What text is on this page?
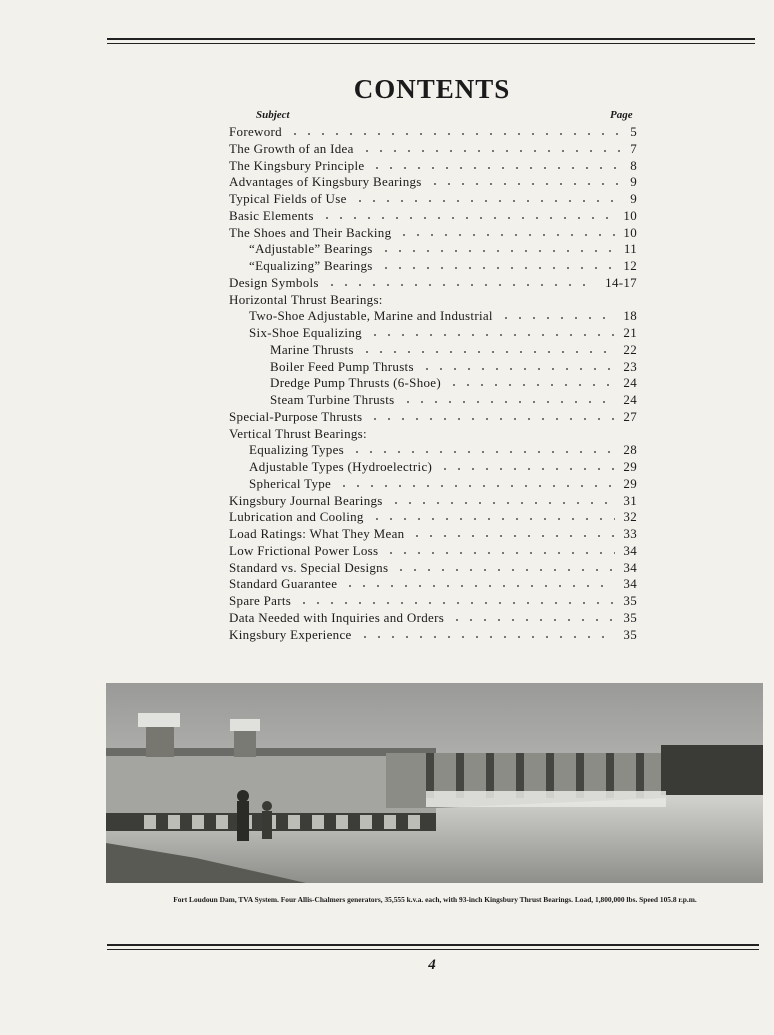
CONTENTS
Subject	Page
Foreword	5
The Growth of an Idea	7
The Kingsbury Principle	8
Advantages of Kingsbury Bearings	9
Typical Fields of Use	9
Basic Elements	10
The Shoes and Their Backing	10
“Adjustable” Bearings	11
“Equalizing” Bearings	12
Design Symbols	14-17
Horizontal Thrust Bearings:
Two-Shoe Adjustable, Marine and Industrial	18
Six-Shoe Equalizing	21
Marine Thrusts	22
Boiler Feed Pump Thrusts	23
Dredge Pump Thrusts (6-Shoe)	24
Steam Turbine Thrusts	24
Special-Purpose Thrusts	27
Vertical Thrust Bearings:
Equalizing Types	28
Adjustable Types (Hydroelectric)	29
Spherical Type	29
Kingsbury Journal Bearings	31
Lubrication and Cooling	32
Load Ratings: What They Mean	33
Low Frictional Power Loss	34
Standard vs. Special Designs	34
Standard Guarantee	34
Spare Parts	35
Data Needed with Inquiries and Orders	35
Kingsbury Experience	35
Fort Loudoun Dam, TVA System. Four Allis-Chalmers generators, 35,555 k.v.a. each, with 93-inch Kingsbury Thrust Bearings. Load, 1,800,000 lbs. Speed 105.8 r.p.m.
4
